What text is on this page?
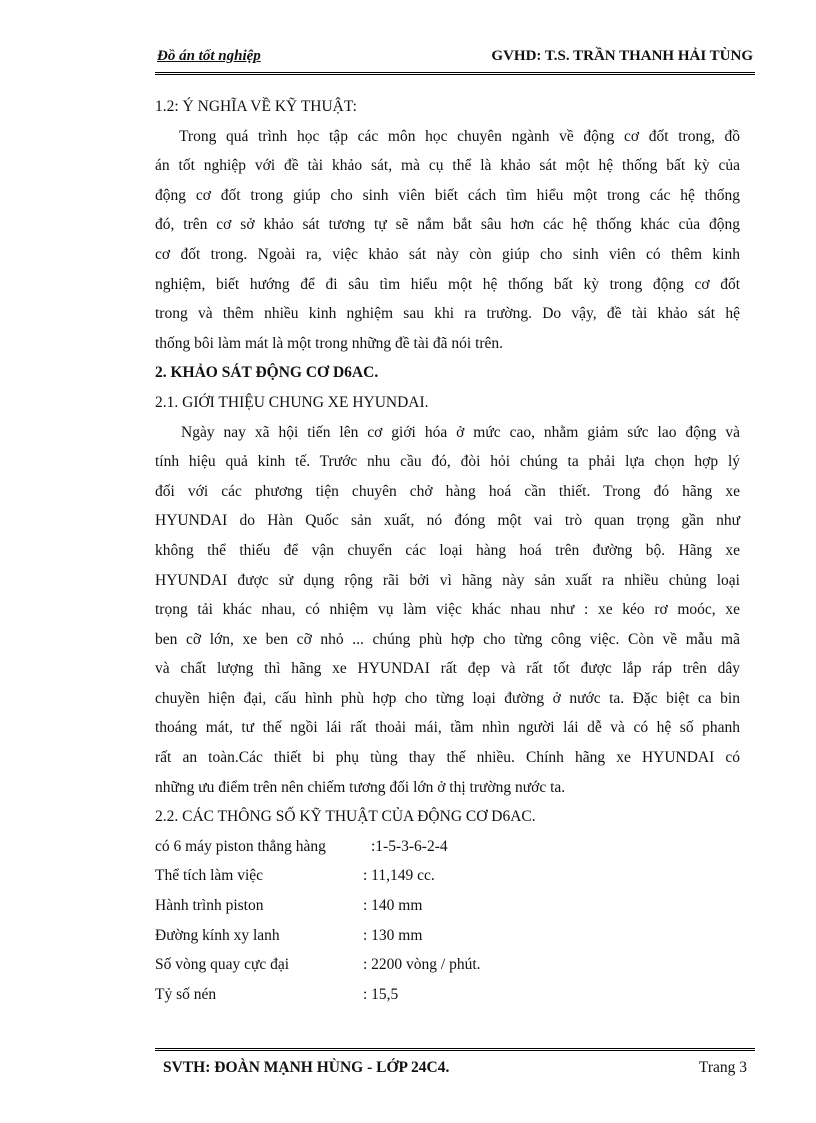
Đồ án tốt nghiệp	GVHD: T.S. TRẦN THANH HẢI TÙNG
1.2: Ý NGHĨA VỀ KỸ THUẬT:
Trong quá trình học tập các môn học chuyên ngành về động cơ đốt trong, đồ
án tốt nghiệp với đề tài khảo sát, mà cụ thể là khảo sát một hệ thống bất kỳ của
động cơ đốt trong giúp cho sinh viên biết cách tìm hiểu một trong các hệ thống
đó, trên cơ sở khảo sát tương tự sẽ nắm bắt sâu hơn các hệ thống khác của động
cơ đốt trong. Ngoài ra, việc khảo sát này còn giúp cho sinh viên có thêm kinh
nghiệm, biết hướng để đi sâu tìm hiểu một hệ thống bất kỳ trong động cơ đốt
trong và thêm nhiều kinh nghiệm sau khi ra trường. Do vậy, đề tài khảo sát hệ
thống bôi làm mát là một trong những đề tài đã nói trên.
2. KHẢO SÁT ĐỘNG CƠ D6AC.
2.1. GIỚI THIỆU CHUNG XE HYUNDAI.
Ngày nay xã hội tiến lên cơ giới hóa ở mức cao, nhằm giảm sức lao động và
tính hiệu quả kinh tế. Trước nhu cầu đó, đòi hỏi chúng ta phải lựa chọn hợp lý
đối với các phương tiện chuyên chở hàng hoá cần thiết. Trong đó hãng xe
HYUNDAI do Hàn Quốc sản xuất, nó đóng một vai trò quan trọng gần như
không thể thiếu để vận chuyển các loại hàng hoá trên đường bộ. Hãng xe
HYUNDAI được sử dụng rộng rãi bởi vì hãng này sản xuất ra nhiều chủng loại
trọng tải khác nhau, có nhiệm vụ làm việc khác nhau như : xe kéo rơ moóc, xe
ben cỡ lớn, xe ben cỡ nhỏ ... chúng phù hợp cho từng công việc. Còn về mẫu mã
và chất lượng thì hãng xe HYUNDAI rất đẹp và rất tốt được lắp ráp trên dây
chuyền hiện đại, cấu hình phù hợp cho từng loại đường ở nước ta. Đặc biệt ca bin
thoáng mát, tư thế ngồi lái rất thoải mái, tầm nhìn người lái dễ và có hệ số phanh
rất an toàn.Các thiết bi phụ tùng thay thế nhiều. Chính hãng xe HYUNDAI có
những ưu điểm trên nên chiếm tương đối lớn ở thị trường nước ta.
2.2. CÁC THÔNG SỐ KỸ THUẬT CỦA ĐỘNG CƠ D6AC.
có 6 máy piston thẳng hàng	:1-5-3-6-2-4
Thể tích làm việc	: 11,149 cc.
Hành trình piston	: 140 mm
Đường kính xy lanh	: 130 mm
Số vòng quay cực đại	: 2200 vòng / phút.
Tỷ số nén	: 15,5
SVTH: ĐOÀN MẠNH HÙNG - LỚP 24C4.	Trang 3
